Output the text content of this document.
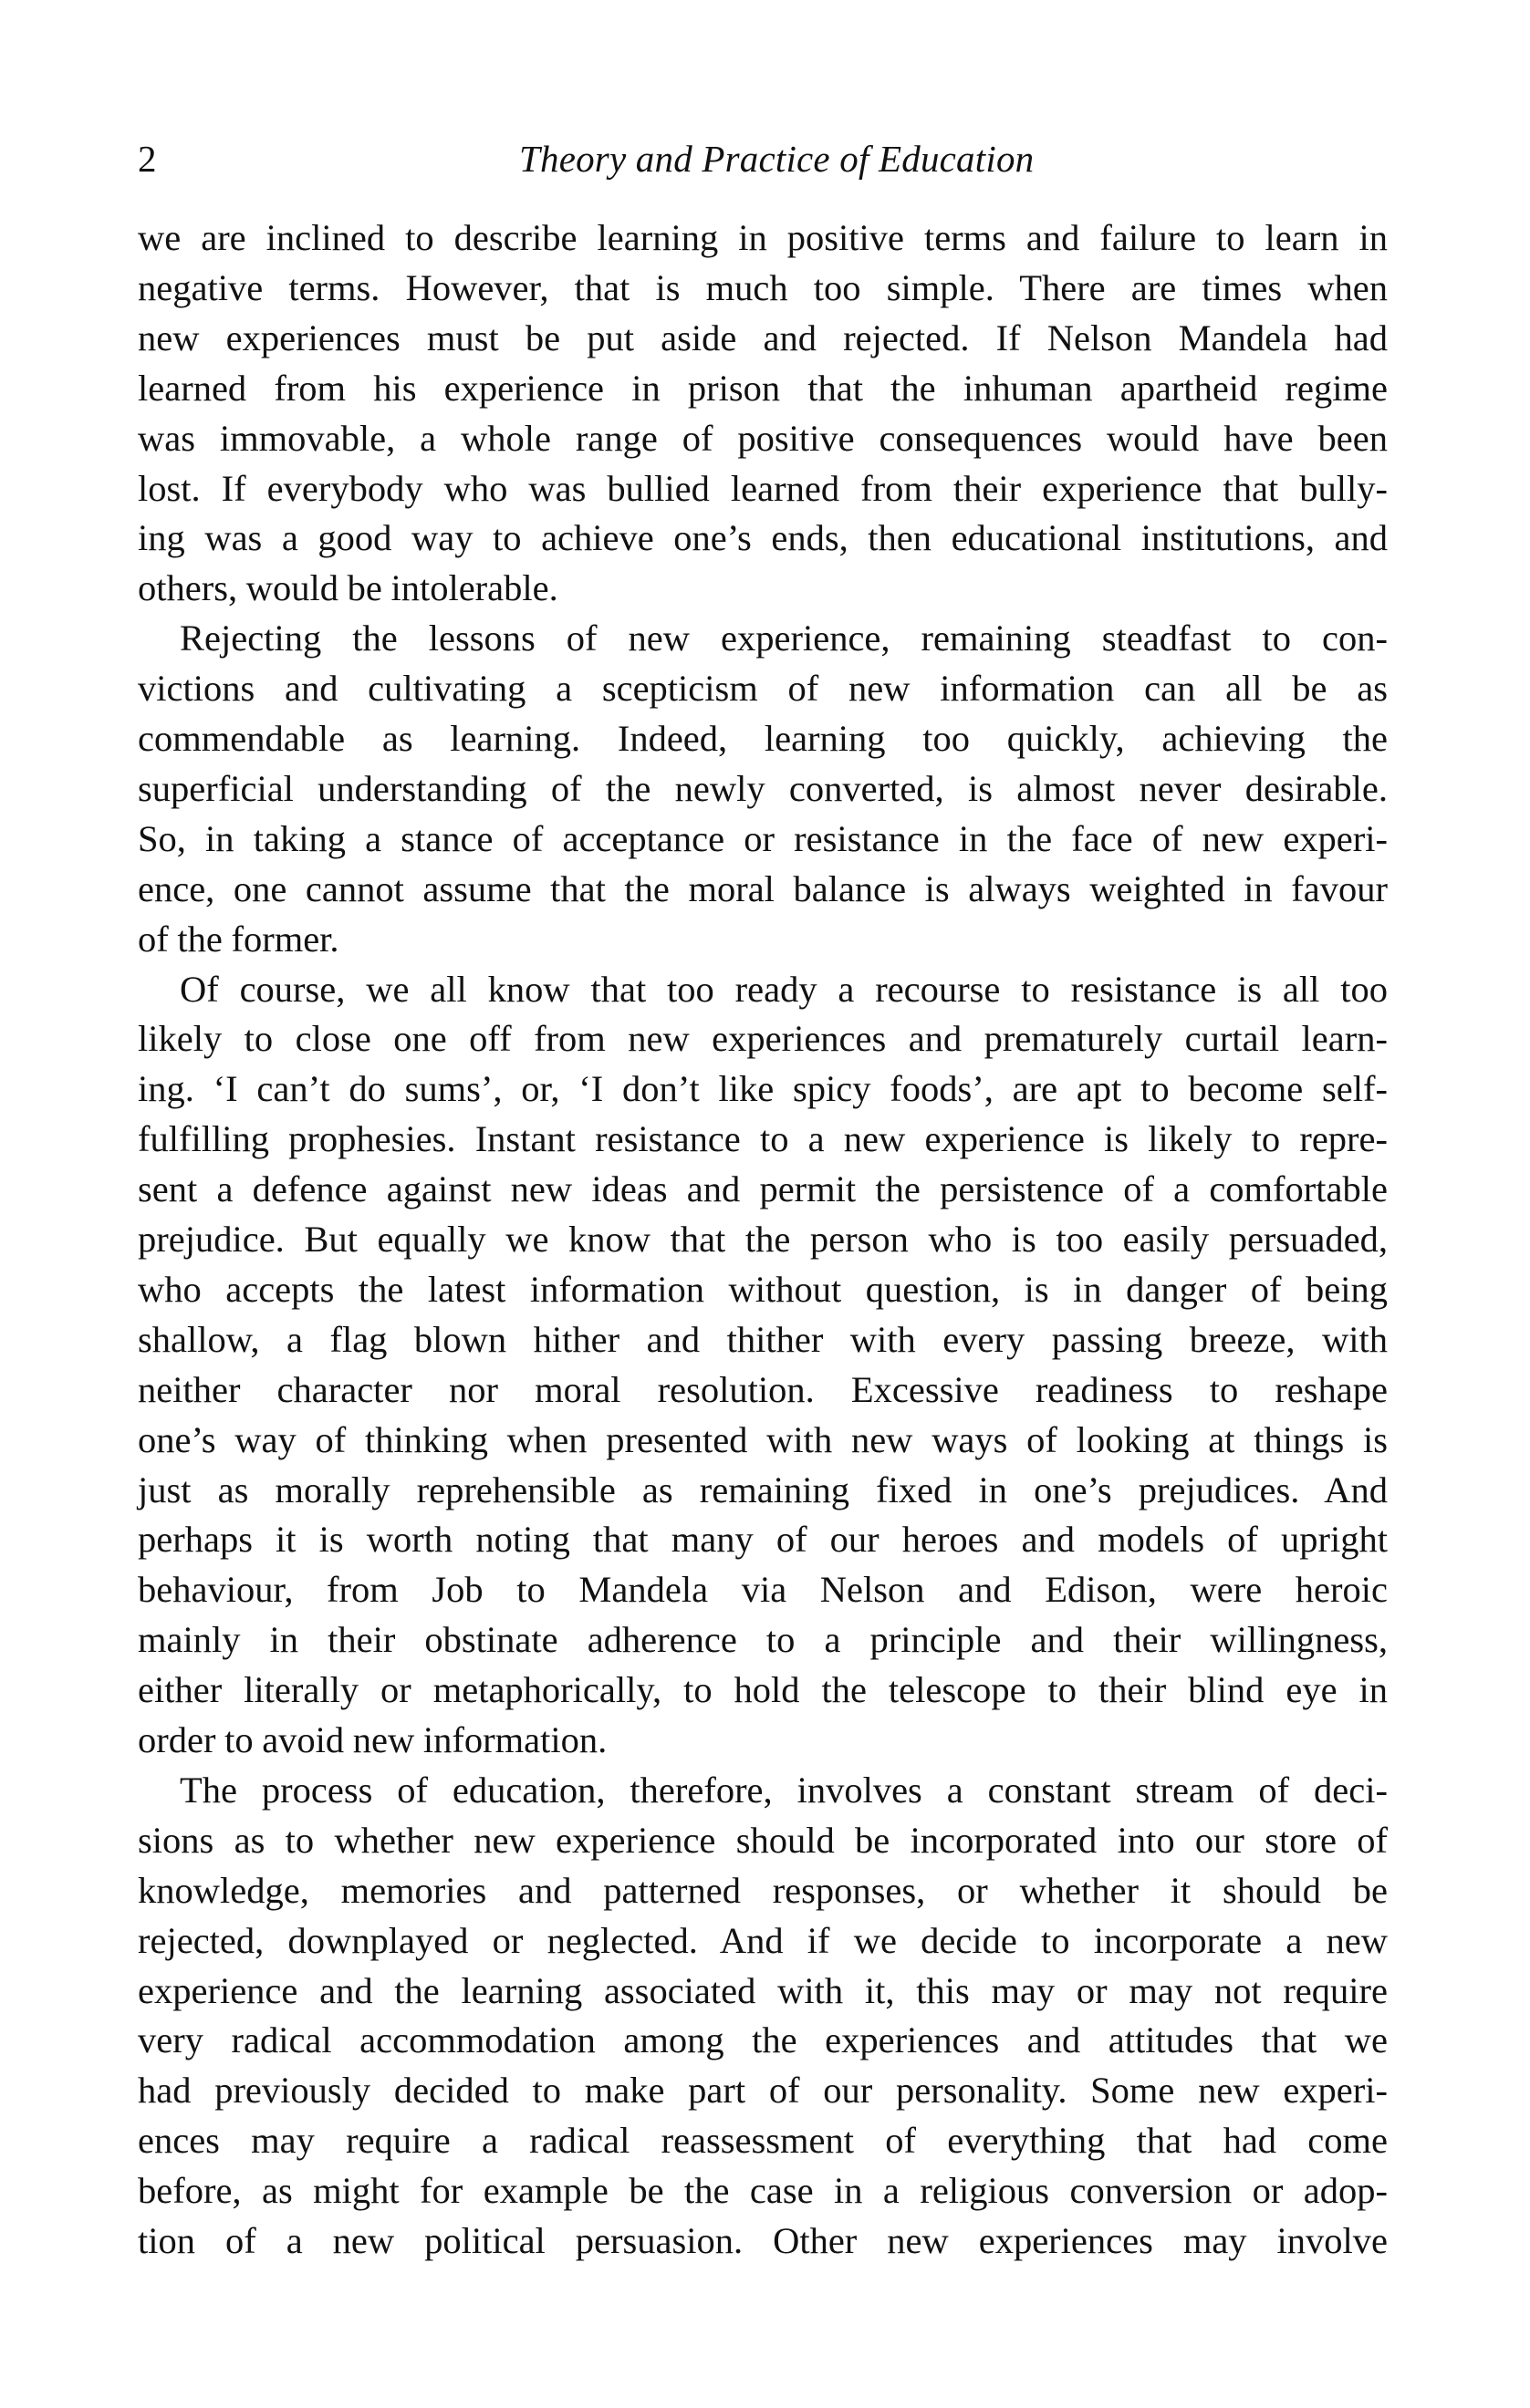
2	Theory and Practice of Education
we are inclined to describe learning in positive terms and failure to learn in
negative terms. However, that is much too simple. There are times when
new experiences must be put aside and rejected. If Nelson Mandela had
learned from his experience in prison that the inhuman apartheid regime
was immovable, a whole range of positive consequences would have been
lost. If everybody who was bullied learned from their experience that bully-
ing was a good way to achieve one’s ends, then educational institutions, and
others, would be intolerable.
Rejecting the lessons of new experience, remaining steadfast to con-
victions and cultivating a scepticism of new information can all be as
commendable as learning. Indeed, learning too quickly, achieving the
superficial understanding of the newly converted, is almost never desirable.
So, in taking a stance of acceptance or resistance in the face of new experi-
ence, one cannot assume that the moral balance is always weighted in favour
of the former.
Of course, we all know that too ready a recourse to resistance is all too
likely to close one off from new experiences and prematurely curtail learn-
ing. ‘I can’t do sums’, or, ‘I don’t like spicy foods’, are apt to become self-
fulfilling prophesies. Instant resistance to a new experience is likely to repre-
sent a defence against new ideas and permit the persistence of a comfortable
prejudice. But equally we know that the person who is too easily persuaded,
who accepts the latest information without question, is in danger of being
shallow, a flag blown hither and thither with every passing breeze, with
neither character nor moral resolution. Excessive readiness to reshape
one’s way of thinking when presented with new ways of looking at things is
just as morally reprehensible as remaining fixed in one’s prejudices. And
perhaps it is worth noting that many of our heroes and models of upright
behaviour, from Job to Mandela via Nelson and Edison, were heroic
mainly in their obstinate adherence to a principle and their willingness,
either literally or metaphorically, to hold the telescope to their blind eye in
order to avoid new information.
The process of education, therefore, involves a constant stream of deci-
sions as to whether new experience should be incorporated into our store of
knowledge, memories and patterned responses, or whether it should be
rejected, downplayed or neglected. And if we decide to incorporate a new
experience and the learning associated with it, this may or may not require
very radical accommodation among the experiences and attitudes that we
had previously decided to make part of our personality. Some new experi-
ences may require a radical reassessment of everything that had come
before, as might for example be the case in a religious conversion or adop-
tion of a new political persuasion. Other new experiences may involve
